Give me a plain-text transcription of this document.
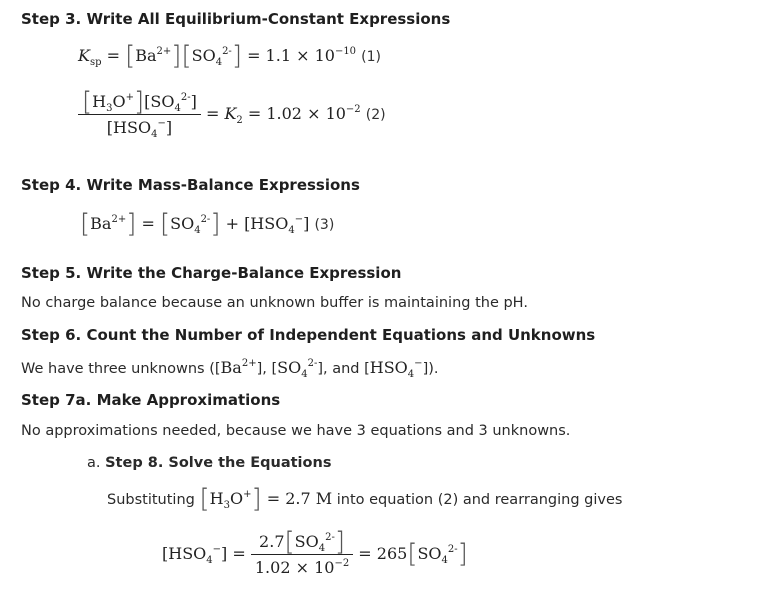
Step 3. Write All Equilibrium-Constant Expressions
$K_{sp} = [Ba^{2+}][SO_4^{2-}] = 1.1 \times 10^{-10}$ (1)
$\frac{[H_3O^+][SO_4^{2-}]}{[HSO_4^-]} = K_2 = 1.02 \times 10^{-2}$ (2)
Step 4. Write Mass-Balance Expressions
$[Ba^{2+}] = [SO_4^{2-}] + [HSO_4^-]$ (3)
Step 5. Write the Charge-Balance Expression
No charge balance because an unknown buffer is maintaining the pH.
Step 6. Count the Number of Independent Equations and Unknowns
We have three unknowns ($[Ba^{2+}]$, $[SO_4^{2-}]$, and $[HSO_4^-]$).
Step 7a. Make Approximations
No approximations needed, because we have 3 equations and 3 unknowns.
a. Step 8. Solve the Equations
Substituting $[H_3O^+] = 2.7$ M into equation (2) and rearranging gives
$[HSO_4^-] = \frac{2.7[SO_4^{2-}]}{1.02 \times 10^{-2}} = 265[SO_4^{2-}]$
